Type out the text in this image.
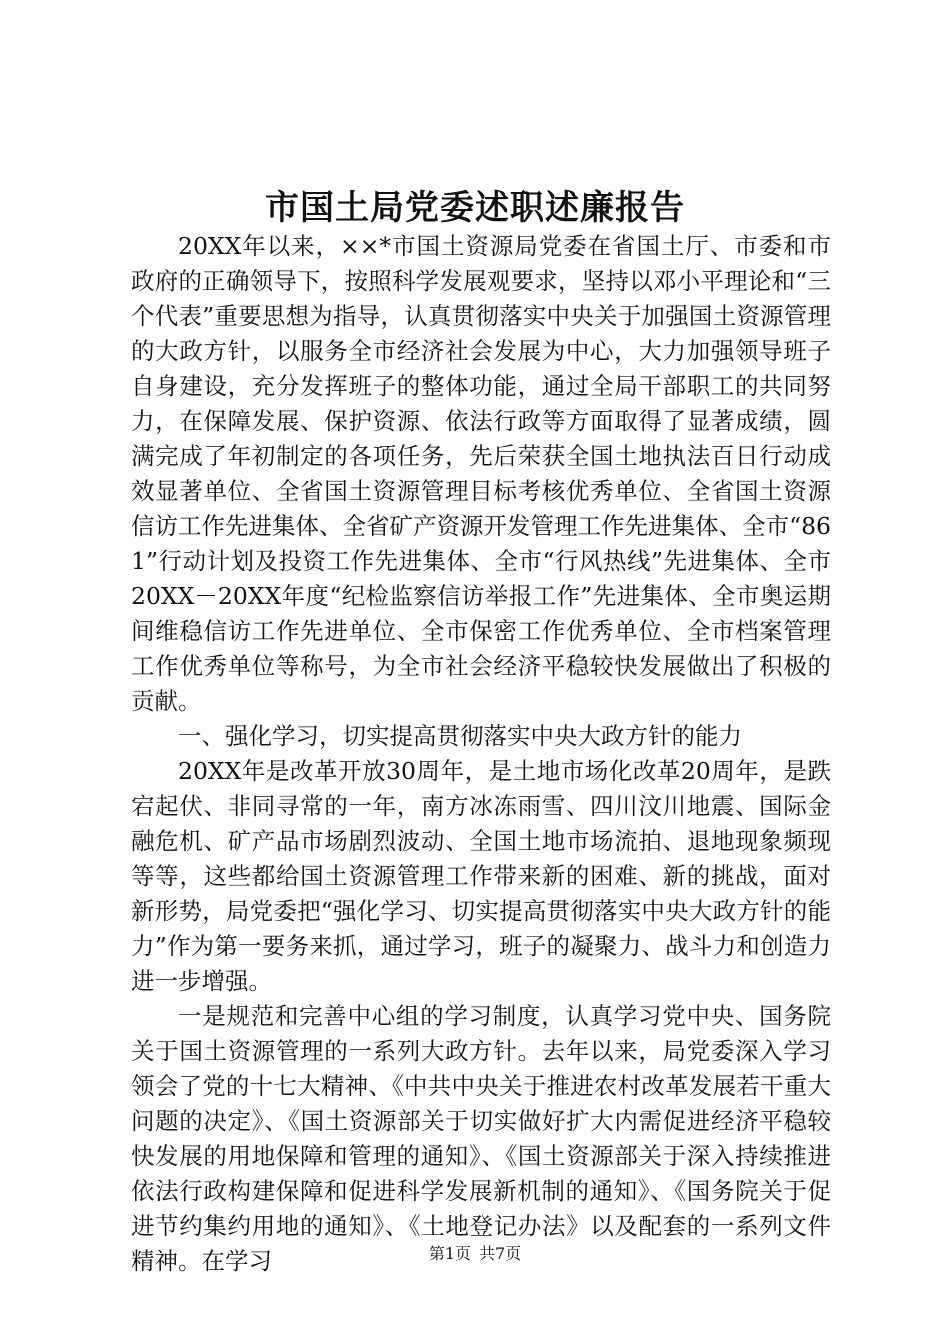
市国土局党委述职述廉报告

20XX年以来，××*市国土资源局党委在省国土厅、市委和市政府的正确领导下，按照科学发展观要求，坚持以邓小平理论和“三个代表”重要思想为指导，认真贯彻落实中央关于加强国土资源管理的大政方针，以服务全市经济社会发展为中心，大力加强领导班子自身建设，充分发挥班子的整体功能，通过全局干部职工的共同努力，在保障发展、保护资源、依法行政等方面取得了显著成绩，圆满完成了年初制定的各项任务，先后荣获全国土地执法百日行动成效显著单位、全省国土资源管理目标考核优秀单位、全省国土资源信访工作先进集体、全省矿产资源开发管理工作先进集体、全市“861”行动计划及投资工作先进集体、全市“行风热线”先进集体、全市20XX－20XX年度“纪检监察信访举报工作”先进集体、全市奥运期间维稳信访工作先进单位、全市保密工作优秀单位、全市档案管理工作优秀单位等称号，为全市社会经济平稳较快发展做出了积极的贡献。

一、强化学习，切实提高贯彻落实中央大政方针的能力

20XX年是改革开放30周年，是土地市场化改革20周年，是跌宕起伏、非同寻常的一年，南方冰冻雨雪、四川汶川地震、国际金融危机、矿产品市场剧烈波动、全国土地市场流拍、退地现象频现等等，这些都给国土资源管理工作带来新的困难、新的挑战，面对新形势，局党委把“强化学习、切实提高贯彻落实中央大政方针的能力”作为第一要务来抓，通过学习，班子的凝聚力、战斗力和创造力进一步增强。

一是规范和完善中心组的学习制度，认真学习党中央、国务院关于国土资源管理的一系列大政方针。去年以来，局党委深入学习领会了党的十七大精神、《中共中央关于推进农村改革发展若干重大问题的决定》、《国土资源部关于切实做好扩大内需促进经济平稳较快发展的用地保障和管理的通知》、《国土资源部关于深入持续推进依法行政构建保障和促进科学发展新机制的通知》、《国务院关于促进节约集约用地的通知》、《土地登记办法》以及配套的一系列文件精神。在学习	第1页 共7页
